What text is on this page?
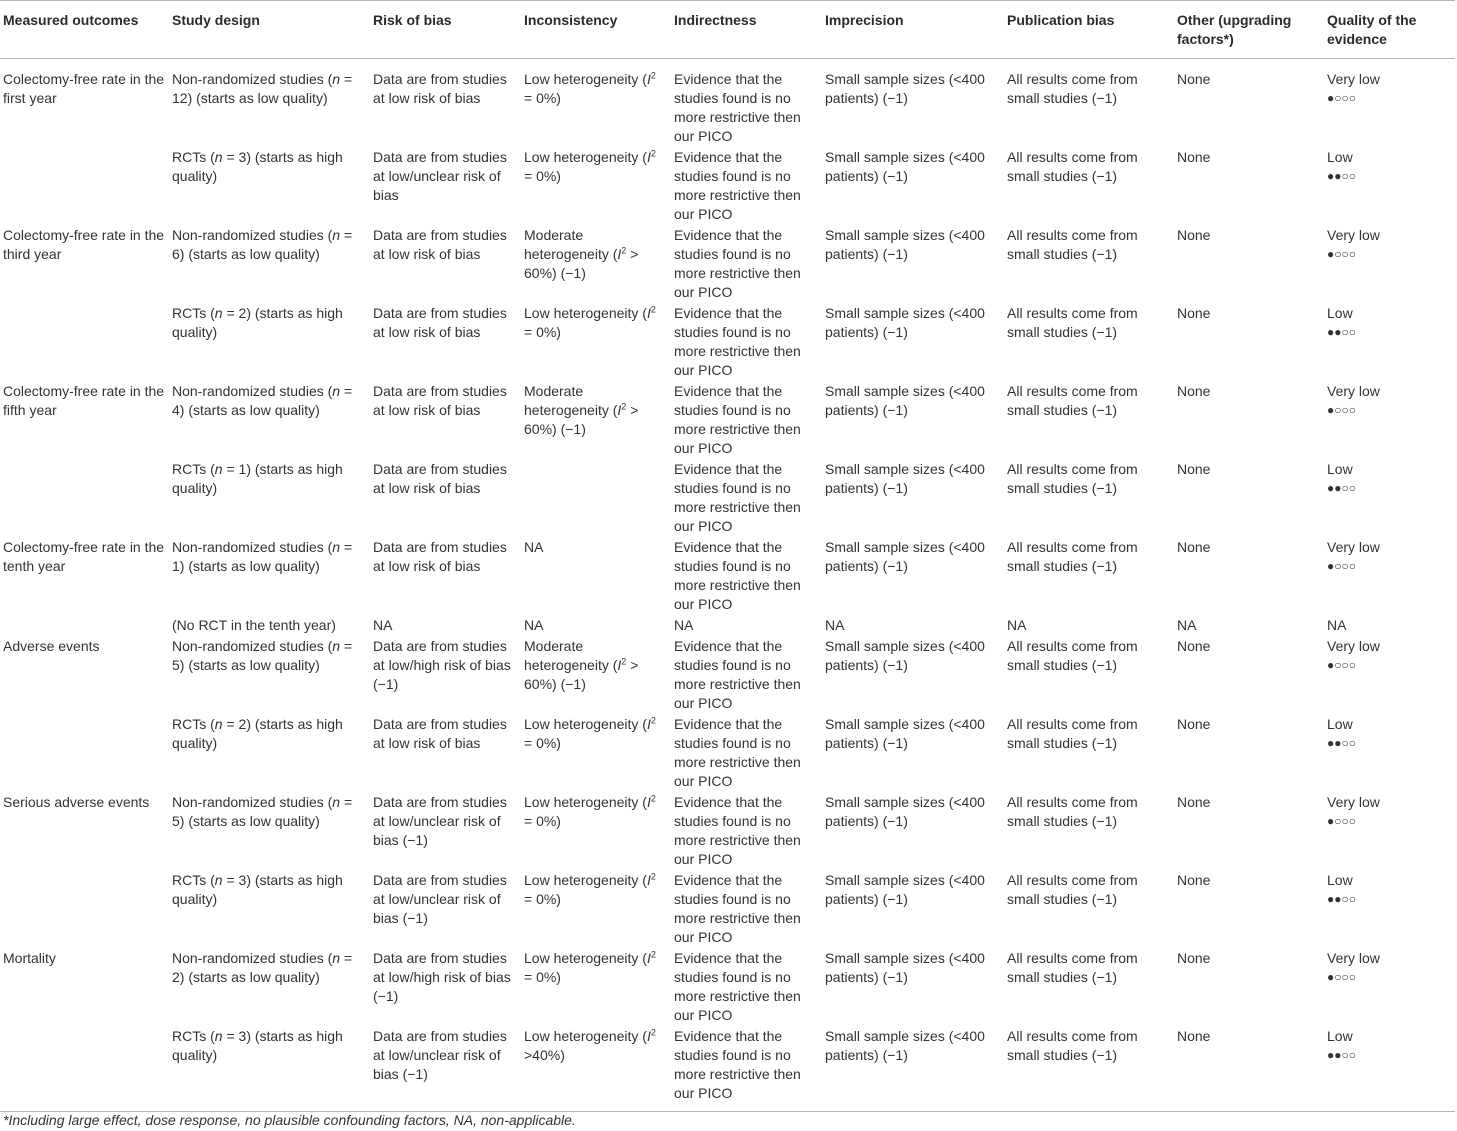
Measured outcomes	Study design	Risk of bias	Inconsistency	Indirectness	Imprecision	Publication bias	Other (upgrading factors*)	Quality of the evidence
Colectomy-free rate in the first year	Non-randomized studies (n = 12) (starts as low quality)	Data are from studies at low risk of bias	Low heterogeneity $(I^2 = 0\%)$	Evidence that the studies found is no more restrictive then our PICO	Small sample sizes (<400 patients) (−1)	All results come from small studies (−1)	None	Very low
●○○○

	RCTs (n = 3) (starts as high quality)	Data are from studies at low/unclear risk of bias	Low heterogeneity $(I^2 = 0\%)$	Evidence that the studies found is no more restrictive then our PICO	Small sample sizes (<400 patients) (−1)	All results come from small studies (−1)	None	Low
●●○○

Colectomy-free rate in the third year	Non-randomized studies (n = 6) (starts as low quality)	Data are from studies at low risk of bias	Moderate heterogeneity $(I^2 > 60\%)$ (−1)	Evidence that the studies found is no more restrictive then our PICO	Small sample sizes (<400 patients) (−1)	All results come from small studies (−1)	None	Very low
●○○○

	RCTs (n = 2) (starts as high quality)	Data are from studies at low risk of bias	Low heterogeneity $(I^2 = 0\%)$	Evidence that the studies found is no more restrictive then our PICO	Small sample sizes (<400 patients) (−1)	All results come from small studies (−1)	None	Low
●●○○

Colectomy-free rate in the fifth year	Non-randomized studies (n = 4) (starts as low quality)	Data are from studies at low risk of bias	Moderate heterogeneity $(I^2 > 60\%)$ (−1)	Evidence that the studies found is no more restrictive then our PICO	Small sample sizes (<400 patients) (−1)	All results come from small studies (−1)	None	Very low
●○○○

	RCTs (n = 1) (starts as high quality)	Data are from studies at low risk of bias		Evidence that the studies found is no more restrictive then our PICO	Small sample sizes (<400 patients) (−1)	All results come from small studies (−1)	None	Low
●●○○

Colectomy-free rate in the tenth year	Non-randomized studies (n = 1) (starts as low quality)	Data are from studies at low risk of bias	NA	Evidence that the studies found is no more restrictive then our PICO	Small sample sizes (<400 patients) (−1)	All results come from small studies (−1)	None	Very low
●○○○

	(No RCT in the tenth year)	NA	NA	NA	NA	NA	NA	NA

Adverse events	Non-randomized studies (n = 5) (starts as low quality)	Data are from studies at low/high risk of bias (−1)	Moderate heterogeneity $(I^2 > 60\%)$ (−1)	Evidence that the studies found is no more restrictive then our PICO	Small sample sizes (<400 patients) (−1)	All results come from small studies (−1)	None	Very low
●○○○

	RCTs (n = 2) (starts as high quality)	Data are from studies at low risk of bias	Low heterogeneity $(I^2 = 0\%)$	Evidence that the studies found is no more restrictive then our PICO	Small sample sizes (<400 patients) (−1)	All results come from small studies (−1)	None	Low
●●○○

Serious adverse events	Non-randomized studies (n = 5) (starts as low quality)	Data are from studies at low/unclear risk of bias (−1)	Low heterogeneity $(I^2 = 0\%)$	Evidence that the studies found is no more restrictive then our PICO	Small sample sizes (<400 patients) (−1)	All results come from small studies (−1)	None	Very low
●○○○

	RCTs (n = 3) (starts as high quality)	Data are from studies at low/unclear risk of bias (−1)	Low heterogeneity $(I^2 = 0\%)$	Evidence that the studies found is no more restrictive then our PICO	Small sample sizes (<400 patients) (−1)	All results come from small studies (−1)	None	Low
●●○○

Mortality	Non-randomized studies (n = 2) (starts as low quality)	Data are from studies at low/high risk of bias (−1)	Low heterogeneity $(I^2 = 0\%)$	Evidence that the studies found is no more restrictive then our PICO	Small sample sizes (<400 patients) (−1)	All results come from small studies (−1)	None	Very low
●○○○

	RCTs (n = 3) (starts as high quality)	Data are from studies at low/unclear risk of bias (−1)	Low heterogeneity $(I^2 >40\%)$	Evidence that the studies found is no more restrictive then our PICO	Small sample sizes (<400 patients) (−1)	All results come from small studies (−1)	None	Low
●●○○
*Including large effect, dose response, no plausible confounding factors, NA, non-applicable.
